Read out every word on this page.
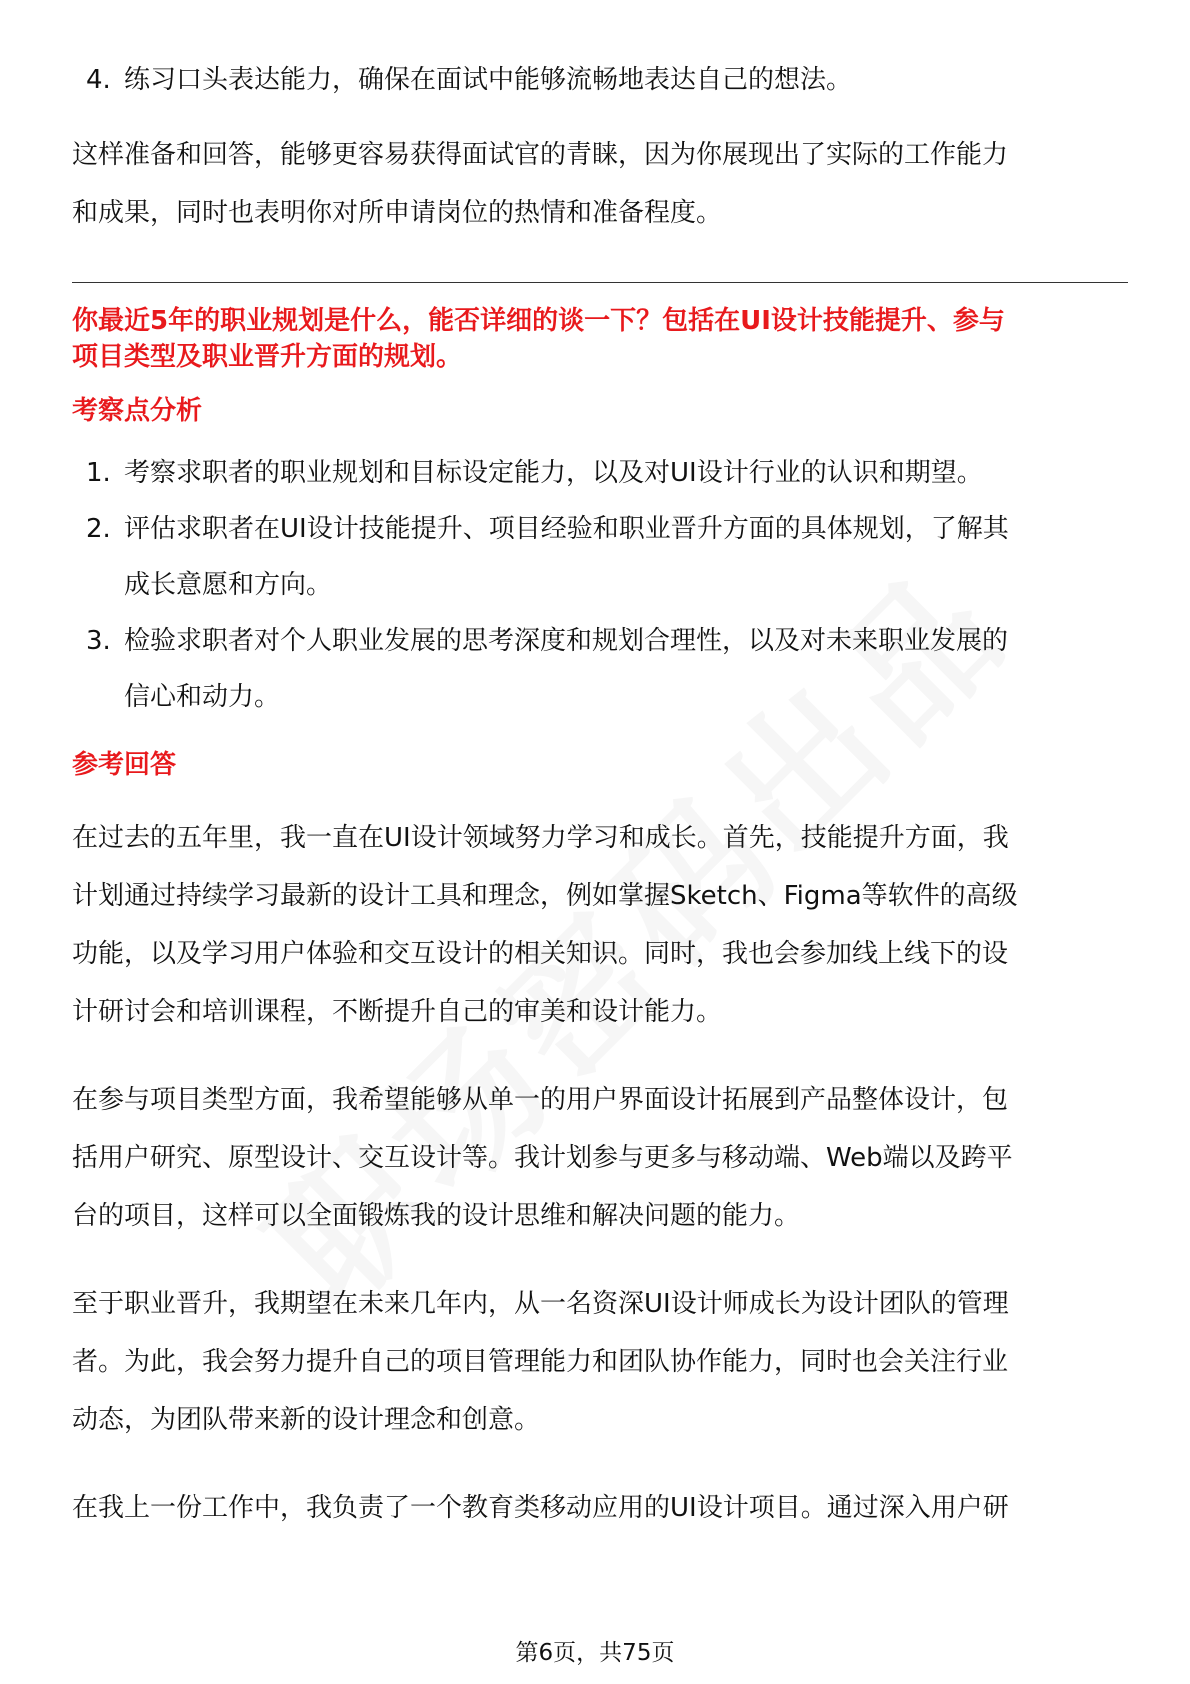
4. 练习口头表达能力，确保在面试中能够流畅地表达自己的想法。
这样准备和回答，能够更容易获得面试官的青睐，因为你展现出了实际的工作能力
和成果，同时也表明你对所申请岗位的热情和准备程度。
你最近5年的职业规划是什么，能否详细的谈一下？包括在UI设计技能提升、参与
项目类型及职业晋升方面的规划。
考察点分析
1. 考察求职者的职业规划和目标设定能力，以及对UI设计行业的认识和期望。
2. 评估求职者在UI设计技能提升、项目经验和职业晋升方面的具体规划，了解其
成长意愿和方向。
3. 检验求职者对个人职业发展的思考深度和规划合理性，以及对未来职业发展的
信心和动力。
参考回答
在过去的五年里，我一直在UI设计领域努力学习和成长。首先，技能提升方面，我
计划通过持续学习最新的设计工具和理念，例如掌握Sketch、Figma等软件的高级
功能，以及学习用户体验和交互设计的相关知识。同时，我也会参加线上线下的设
计研讨会和培训课程，不断提升自己的审美和设计能力。
在参与项目类型方面，我希望能够从单一的用户界面设计拓展到产品整体设计，包
括用户研究、原型设计、交互设计等。我计划参与更多与移动端、Web端以及跨平
台的项目，这样可以全面锻炼我的设计思维和解决问题的能力。
至于职业晋升，我期望在未来几年内，从一名资深UI设计师成长为设计团队的管理
者。为此，我会努力提升自己的项目管理能力和团队协作能力，同时也会关注行业
动态，为团队带来新的设计理念和创意。
在我上一份工作中，我负责了一个教育类移动应用的UI设计项目。通过深入用户研
第6页，共75页
